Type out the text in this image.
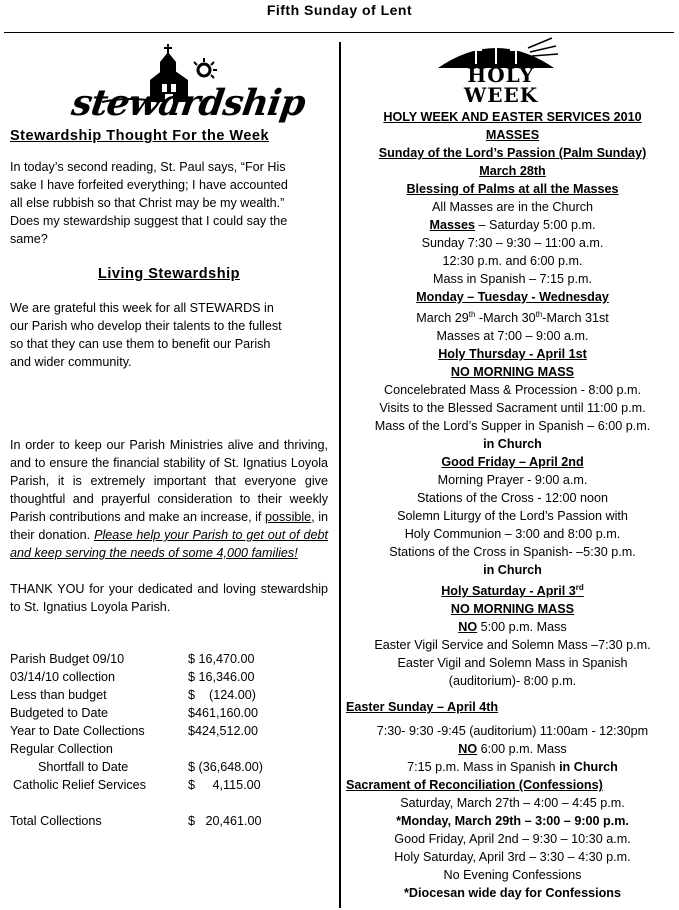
Fifth Sunday of Lent
stewardship

Stewardship Thought For the Week

In today’s second reading, St. Paul says, “For His

sake I have forfeited everything; I have accounted

all else rubbish so that Christ may be my wealth.”

Does my stewardship suggest that I could say the

same?

Living Stewardship

We are grateful this week for all STEWARDS in

our Parish who develop their talents to the fullest

so that they can use them to benefit our Parish

and wider community.

In order to keep our Parish Ministries alive and thriving, and to ensure the financial stability of St. Ignatius Loyola Parish, it is extremely important that everyone give thoughtful and prayerful consideration to their weekly Parish contributions and make an increase, if possible, in their donation. Please help your Parish to get out of debt and keep serving the needs of some 4,000 families!

THANK YOU for your dedicated and loving stewardship to St. Ignatius Loyola Parish.

Parish Budget 09/10	$ 16,470.00
03/14/10 collection	$ 16,346.00
Less than budget	$    (124.00)
Budgeted to Date	$461,160.00
Year to Date Collections	$424,512.00
Regular Collection	
Shortfall to Date	$ (36,648.00)
Catholic Relief Services	$     4,115.00

Total Collections	$   20,461.00
HOLY
WEEK

HOLY WEEK AND EASTER SERVICES 2010

MASSES

Sunday of the Lord’s Passion (Palm Sunday)

March 28th

Blessing of Palms at all the Masses

All Masses are in the Church

Masses – Saturday 5:00 p.m.

Sunday 7:30 – 9:30 – 11:00 a.m.

12:30 p.m. and 6:00 p.m.

Mass in Spanish – 7:15 p.m.

Monday – Tuesday - Wednesday

March 29th -March 30th-March 31st

Masses at 7:00 – 9:00 a.m.

Holy Thursday - April 1st

NO MORNING MASS

Concelebrated Mass & Procession - 8:00 p.m.

Visits to the Blessed Sacrament until 11:00 p.m.

Mass of the Lord’s Supper in Spanish – 6:00 p.m.

in Church

Good Friday – April 2nd

Morning Prayer - 9:00 a.m.

Stations of the Cross - 12:00 noon

Solemn Liturgy of the Lord’s Passion with

Holy Communion – 3:00 and 8:00 p.m.

Stations of the Cross in Spanish- –5:30 p.m.

in Church

Holy Saturday - April 3rd

NO MORNING MASS

NO 5:00 p.m. Mass

Easter Vigil Service and Solemn Mass –7:30 p.m.

Easter Vigil and Solemn Mass in Spanish

(auditorium)- 8:00 p.m.

Easter Sunday – April 4th

7:30- 9:30 -9:45 (auditorium) 11:00am - 12:30pm

NO 6:00 p.m. Mass

7:15 p.m. Mass in Spanish in Church

Sacrament of Reconciliation (Confessions)

Saturday, March 27th – 4:00 – 4:45 p.m.

*Monday, March 29th – 3:00 – 9:00 p.m.

Good Friday, April 2nd – 9:30 – 10:30 a.m.

Holy Saturday, April 3rd – 3:30 – 4:30 p.m.

No Evening Confessions

*Diocesan wide day for Confessions
